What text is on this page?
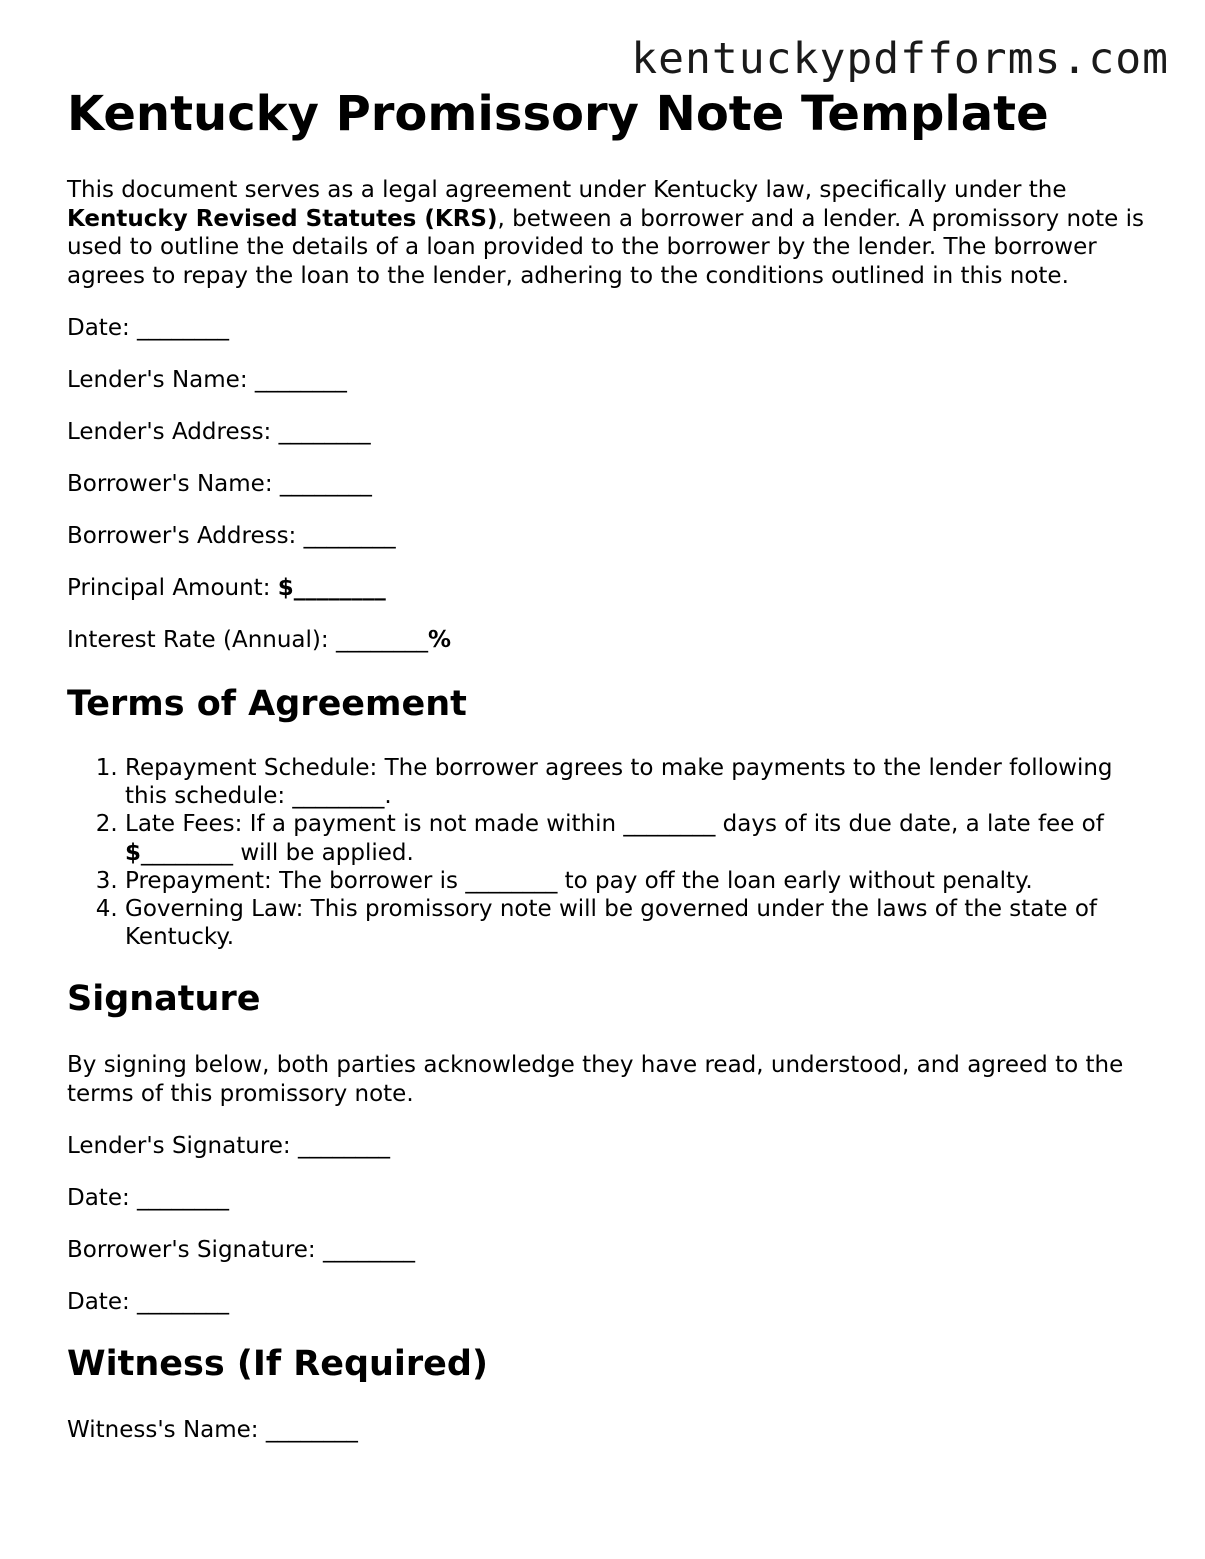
kentuckypdfforms.com
Kentucky Promissory Note Template

This document serves as a legal agreement under Kentucky law, specifically under the Kentucky Revised Statutes (KRS), between a borrower and a lender. A promissory note is used to outline the details of a loan provided to the borrower by the lender. The borrower agrees to repay the loan to the lender, adhering to the conditions outlined in this note.

Date: ________

Lender's Name: ________

Lender's Address: ________

Borrower's Name: ________

Borrower's Address: ________

Principal Amount: $________

Interest Rate (Annual): ________%

Terms of Agreement
1. Repayment Schedule: The borrower agrees to make payments to the lender following this schedule: ________.
2. Late Fees: If a payment is not made within ________ days of its due date, a late fee of $________ will be applied.
3. Prepayment: The borrower is ________ to pay off the loan early without penalty.
4. Governing Law: This promissory note will be governed under the laws of the state of Kentucky.
Signature

By signing below, both parties acknowledge they have read, understood, and agreed to the terms of this promissory note.

Lender's Signature: ________

Date: ________

Borrower's Signature: ________

Date: ________

Witness (If Required)

Witness's Name: ________
